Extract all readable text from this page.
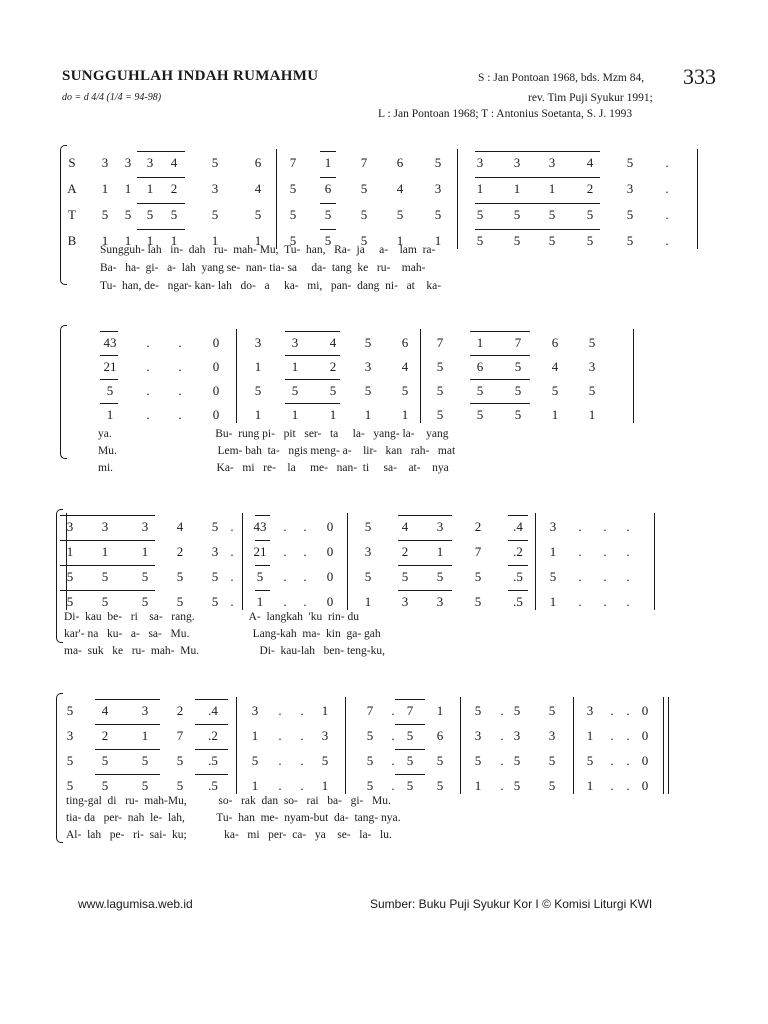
SUNGGUHLAH INDAH RUMAHMU
do = d 4/4 (1/4 = 94-98)
S : Jan Pontoan 1968, bds. Mzm 84, 333
rev. Tim Puji Syukur 1991;
L : Jan Pontoan 1968; T : Antonius Soetanta, S. J. 1993
S
A
T
B
3 3 3 4	5	6 7 1 7 6 5	3 3 3 4	5 .
1 1 1 2	3	4 5 6 5 4 3	1 1 1 2	3 .
5 5 5 5	5	5 5 5 5 5 5	5 5 5 5	5 .
1 1 1 1	1	1 5 5 5 1 1	5 5 5 5	5 .
Sungguh- lah   in-  dah   ru-  mah- Mu,  Tu-  han,   Ra-  ja     a-    lam  ra-
Ba-   ha-  gi-   a-  lah  yang se-  nan- tia- sa     da-  tang  ke   ru-    mah-
Tu-  han, de-   ngar- kan- lah   do-   a     ka-   mi,   pan-  dang  ni-   at    ka-
43 . . 0	3 3 4 5 6 7	1 7 6 5
21 . . 0	1 1 2 3 4 5	6 5 4 3
5	. . 0	5 5 5 5 5 5	5 5 5 5
1	. . 0	1 1 1 1 1 5	5 5 1 1
ya.                                    Bu-  rung pi-   pit   ser-   ta     la-   yang- la-    yang
Mu.                                   Lem- bah  ta-   ngis meng- a-    lir-   kan   rah-   mat
mi.                                    Ka-   mi   re-    la     me-   nan-  ti     sa-    at-    nya
3 3	3 4 5 . 43 . . 0 5 4 3 2 .4 3 . . .
1 1	1 2 3 . 21 . . 0 3 2 1 7 .2 1 . . .
5 5	5 5 5 . 5 . . 0 5 5 5 5 .5 5 . . .
5 5	5 5 5 . 1 . . 0 1 3 3 5 .5 1 . . .
Di-  kau  be-   ri    sa-   rang.                   A-  langkah  'ku  rin- du
kar'- na   ku-   a-   sa-   Mu.                      Lang-kah  ma-  kin  ga- gah
ma-  suk   ke   ru-  mah-  Mu.                     Di-  kau-lah   ben- teng-ku,
5 4	3 2 .4	3 . . 1	7 . 7 1 5 . 5 5 3 . . 0
3 2	1 7 .2	1 . . 3	5 . 5 6 3 . 3 3 1 . . 0
5 5	5 5 .5	5 . . 5	5 . 5 5 5 . 5 5 5 . . 0
5 5	5 5 .5	1 . . 1	5 . 5 5 1 . 5 5 1 . . 0
ting-gal  di   ru-  mah-Mu,           so-   rak  dan  so-   rai   ba-   gi-   Mu.
tia- da   per-  nah  le-  lah,           Tu-  han  me-  nyam-but  da-  tang- nya.
Al-  lah   pe-   ri-  sai-  ku;             ka-   mi   per-  ca-   ya    se-   la-   lu.
www.lagumisa.web.id	Sumber: Buku Puji Syukur Kor I © Komisi Liturgi KWI
